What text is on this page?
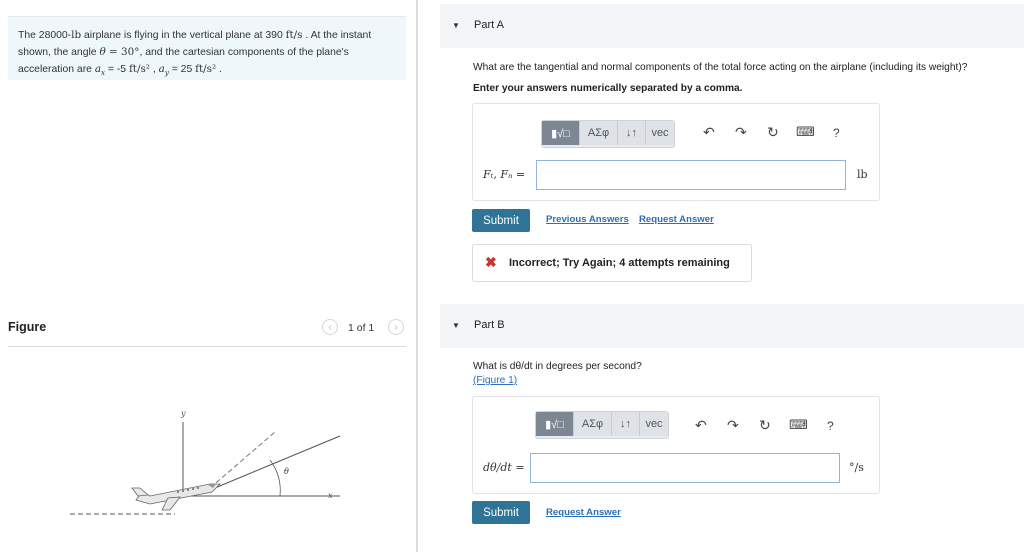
The 28000-lb airplane is flying in the vertical plane at 390 ft/s . At the instant shown, the angle θ = 30°, and the cartesian components of the plane's acceleration are $a_x = -5$ ft/s² , $a_y = 25$ ft/s² .
Figure	‹	1 of 1	›
y
x
θ
▼ Part A
What are the tangential and normal components of the total force acting on the airplane (including its weight)?
Enter your answers numerically separated by a comma.
▮√□	ΑΣφ	↓↑	vec	↶ ↷ ↻ ⌨ ?
Fₜ, Fₙ =	lb
Submit	Previous Answers Request Answer
✖ Incorrect; Try Again; 4 attempts remaining
▼ Part B
What is dθ/dt in degrees per second?
(Figure 1)
▮√□	ΑΣφ	↓↑	vec	↶ ↷ ↻ ⌨ ?
dθ/dt =	°/s
Submit	Request Answer
